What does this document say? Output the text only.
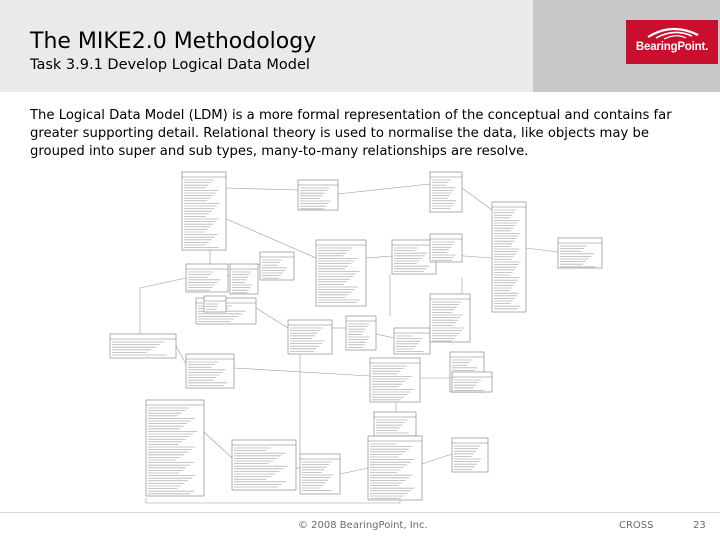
BearingPoint.
The MIKE2.0 Methodology
Task 3.9.1 Develop Logical Data Model
The Logical Data Model (LDM) is a more formal representation of the conceptual and contains far greater supporting detail. Relational theory is used to normalise the data, like objects may be grouped into super and sub types, many-to-many relationships are resolve.
© 2008 BearingPoint, Inc.	CROSS	23
